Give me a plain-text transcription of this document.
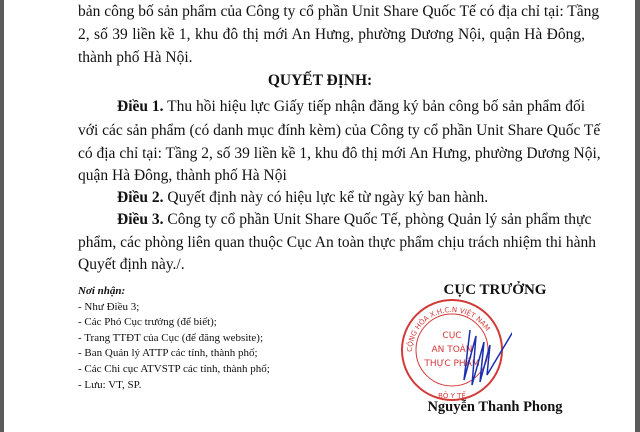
bản công bố sản phẩm của Công ty cổ phần Unit Share Quốc Tế có địa chỉ tại: Tầng
2, số 39 liền kề 1, khu đô thị mới An Hưng, phường Dương Nội, quận Hà Đông,
thành phố Hà Nội.
QUYẾT ĐỊNH:
Điều 1. Thu hồi hiệu lực Giấy tiếp nhận đăng ký bản công bố sản phẩm đối
với các sản phẩm (có danh mục đính kèm) của Công ty cổ phần Unit Share Quốc Tế
có địa chỉ tại: Tầng 2, số 39 liền kề 1, khu đô thị mới An Hưng, phường Dương Nội,
quận Hà Đông, thành phố Hà Nội
Điều 2. Quyết định này có hiệu lực kể từ ngày ký ban hành.
Điều 3. Công ty cổ phần Unit Share Quốc Tế, phòng Quản lý sản phẩm thực
phẩm, các phòng liên quan thuộc Cục An toàn thực phẩm chịu trách nhiệm thi hành
Quyết định này./.
Nơi nhận:
- Như Điều 3;
- Các Phó Cục trưởng (để biết);
- Trang TTĐT của Cục (để đăng website);
- Ban Quản lý ATTP các tỉnh, thành phố;
- Các Chi cục ATVSTP các tỉnh, thành phố;
- Lưu: VT, SP.
CỤC TRƯỞNG
CỘNG HÒA X.H.C.N VIỆT NAM
BỘ Y TẾ
CỤC
AN TOÀN
THỰC PHẨM
Nguyễn Thanh Phong
